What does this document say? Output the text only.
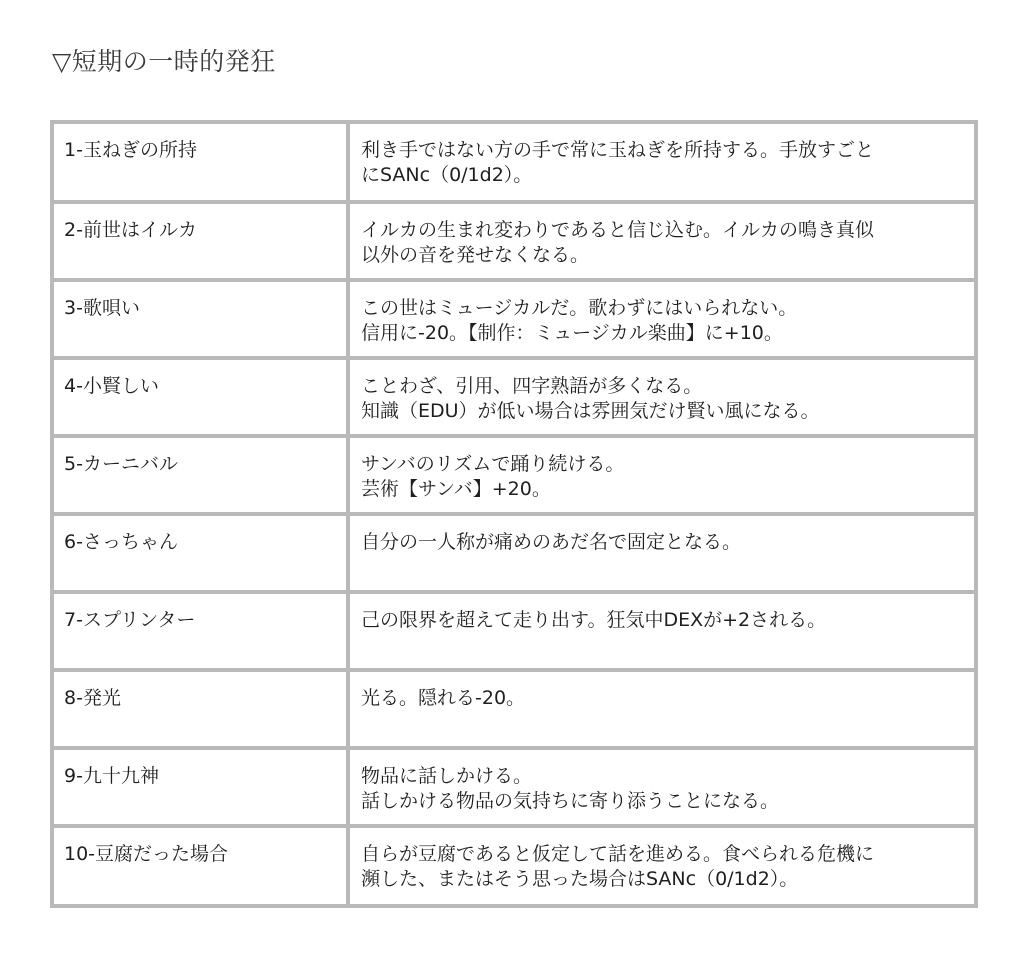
▽短期の一時的発狂
1-玉ねぎの所持	利き手ではない方の手で常に玉ねぎを所持する。手放すごと
にSANc（0/1d2）。

2-前世はイルカ	イルカの生まれ変わりであると信じ込む。イルカの鳴き真似
以外の音を発せなくなる。

3-歌唄い	この世はミュージカルだ。歌わずにはいられない。
信用に-20。【制作：ミュージカル楽曲】に+10。

4-小賢しい	ことわざ、引用、四字熟語が多くなる。
知識（EDU）が低い場合は雰囲気だけ賢い風になる。

5-カーニバル	サンバのリズムで踊り続ける。
芸術【サンバ】+20。

6-さっちゃん	自分の一人称が痛めのあだ名で固定となる。

7-スプリンター	己の限界を超えて走り出す。狂気中DEXが+2される。

8-発光	光る。隠れる-20。

9-九十九神	物品に話しかける。
話しかける物品の気持ちに寄り添うことになる。

10-豆腐だった場合	自らが豆腐であると仮定して話を進める。食べられる危機に
瀕した、またはそう思った場合はSANc（0/1d2）。
